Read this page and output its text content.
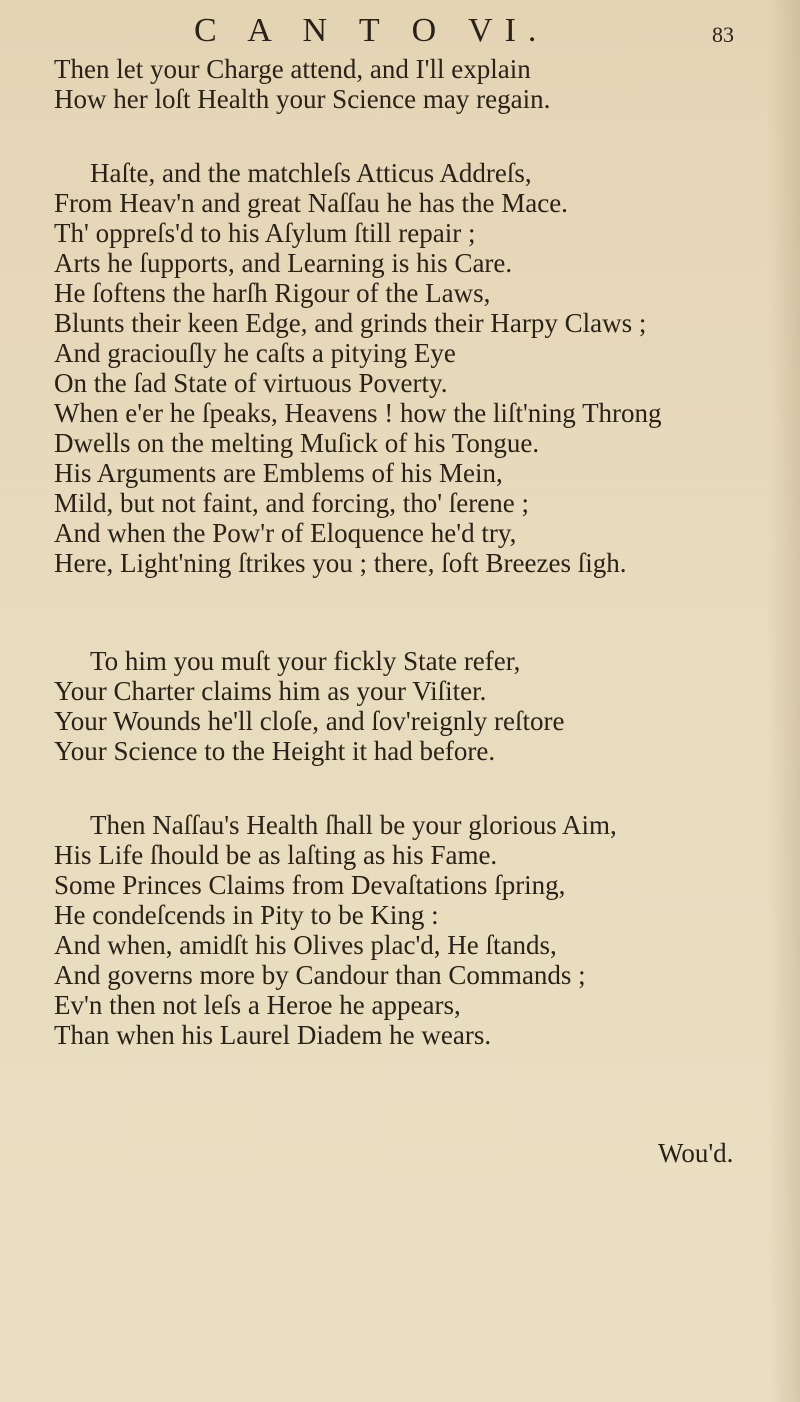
C A N T O VI.	83
Then let your Charge attend, and I'll explain
How her loſt Health your Science may regain.
Haſte, and the matchleſs Atticus Addreſs,
From Heav'n and great Naſſau he has the Mace.
Th' oppreſs'd to his Aſylum ſtill repair ;
Arts he ſupports, and Learning is his Care.
He ſoftens the harſh Rigour of the Laws,
Blunts their keen Edge, and grinds their Harpy Claws ;
And graciouſly he caſts a pitying Eye
On the ſad State of virtuous Poverty.
When e'er he ſpeaks, Heavens ! how the liſt'ning Throng
Dwells on the melting Muſick of his Tongue.
His Arguments are Emblems of his Mein,
Mild, but not faint, and forcing, tho' ſerene ;
And when the Pow'r of Eloquence he'd try,
Here, Light'ning ſtrikes you ; there, ſoft Breezes ſigh.
To him you muſt your fickly State refer,
Your Charter claims him as your Viſiter.
Your Wounds he'll cloſe, and ſov'reignly reſtore
Your Science to the Height it had before.
Then Naſſau's Health ſhall be your glorious Aim,
His Life ſhould be as laſting as his Fame.
Some Princes Claims from Devaſtations ſpring,
He condeſcends in Pity to be King :
And when, amidſt his Olives plac'd, He ſtands,
And governs more by Candour than Commands ;
Ev'n then not leſs a Heroe he appears,
Than when his Laurel Diadem he wears.
Wou'd.
